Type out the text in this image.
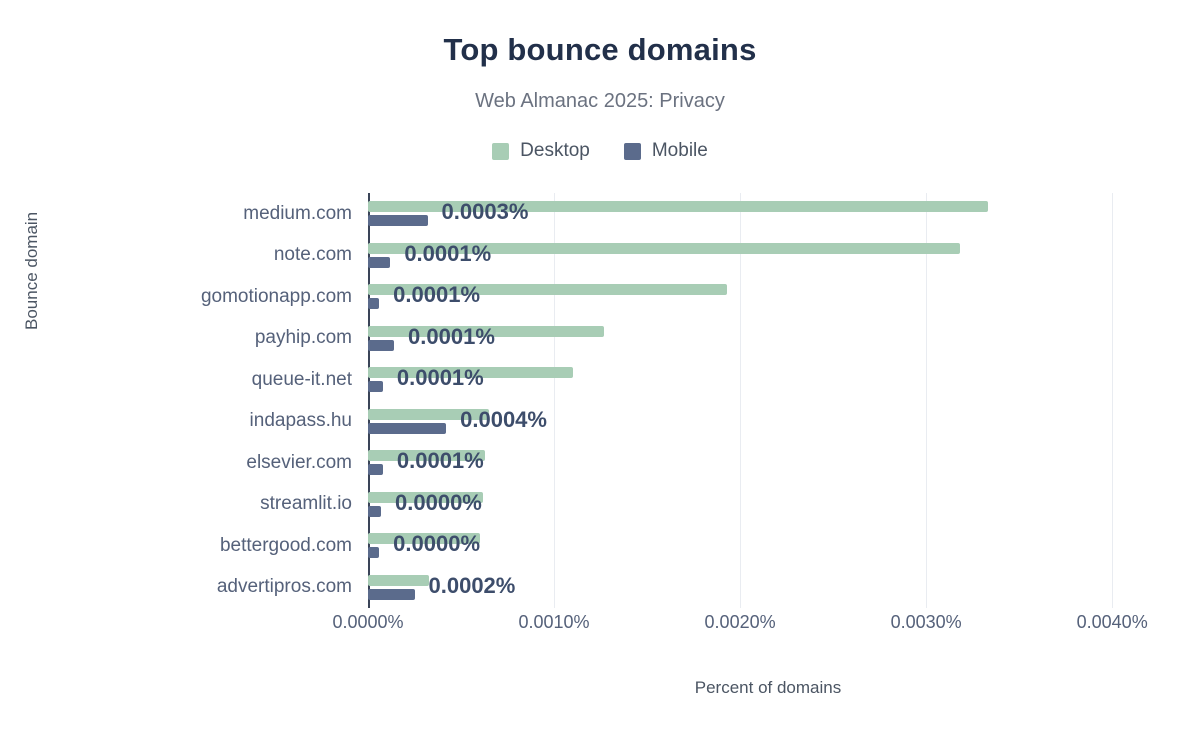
Top bounce domains
Web Almanac 2025: Privacy
Desktop	Mobile
Bounce domain	medium.com
note.com
gomotionapp.com
payhip.com
queue-it.net
indapass.hu
elsevier.com
streamlit.io
bettergood.com
advertipros.com
0.0003%
0.0001%
0.0001%
0.0001%
0.0001%
0.0004%
0.0001%
0.0000%
0.0000%
0.0002%
0.0000%	0.0010%	0.0020%	0.0030%	0.0040%
Percent of domains
